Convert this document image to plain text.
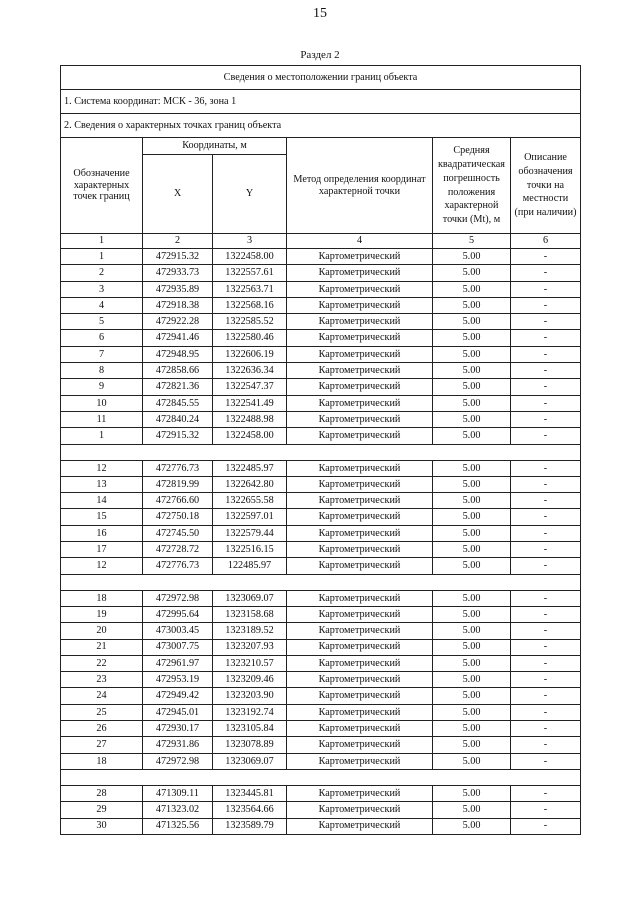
15
Раздел 2
Сведения о местоположении границ объекта					
1. Система координат: МСК - 36, зона 1					
2. Сведения о характерных точках границ объекта					
Обозначение характерных точек границ	Координаты, м		Метод определения координат характерной точки	Средняя квадратическая погрешность положения характерной точки (Mt), м	Описание обозначения точки на местности (при наличии)
	X	Y			
1	2	3	4	5	6
1	472915.32	1322458.00	Картометрический	5.00	-
2	472933.73	1322557.61	Картометрический	5.00	-
3	472935.89	1322563.71	Картометрический	5.00	-
4	472918.38	1322568.16	Картометрический	5.00	-
5	472922.28	1322585.52	Картометрический	5.00	-
6	472941.46	1322580.46	Картометрический	5.00	-
7	472948.95	1322606.19	Картометрический	5.00	-
8	472858.66	1322636.34	Картометрический	5.00	-
9	472821.36	1322547.37	Картометрический	5.00	-
10	472845.55	1322541.49	Картометрический	5.00	-
11	472840.24	1322488.98	Картометрический	5.00	-
1	472915.32	1322458.00	Картометрический	5.00	-

12	472776.73	1322485.97	Картометрический	5.00	-
13	472819.99	1322642.80	Картометрический	5.00	-
14	472766.60	1322655.58	Картометрический	5.00	-
15	472750.18	1322597.01	Картометрический	5.00	-
16	472745.50	1322579.44	Картометрический	5.00	-
17	472728.72	1322516.15	Картометрический	5.00	-
12	472776.73	122485.97	Картометрический	5.00	-

18	472972.98	1323069.07	Картометрический	5.00	-
19	472995.64	1323158.68	Картометрический	5.00	-
20	473003.45	1323189.52	Картометрический	5.00	-
21	473007.75	1323207.93	Картометрический	5.00	-
22	472961.97	1323210.57	Картометрический	5.00	-
23	472953.19	1323209.46	Картометрический	5.00	-
24	472949.42	1323203.90	Картометрический	5.00	-
25	472945.01	1323192.74	Картометрический	5.00	-
26	472930.17	1323105.84	Картометрический	5.00	-
27	472931.86	1323078.89	Картометрический	5.00	-
18	472972.98	1323069.07	Картометрический	5.00	-

28	471309.11	1323445.81	Картометрический	5.00	-
29	471323.02	1323564.66	Картометрический	5.00	-
30	471325.56	1323589.79	Картометрический	5.00	-
